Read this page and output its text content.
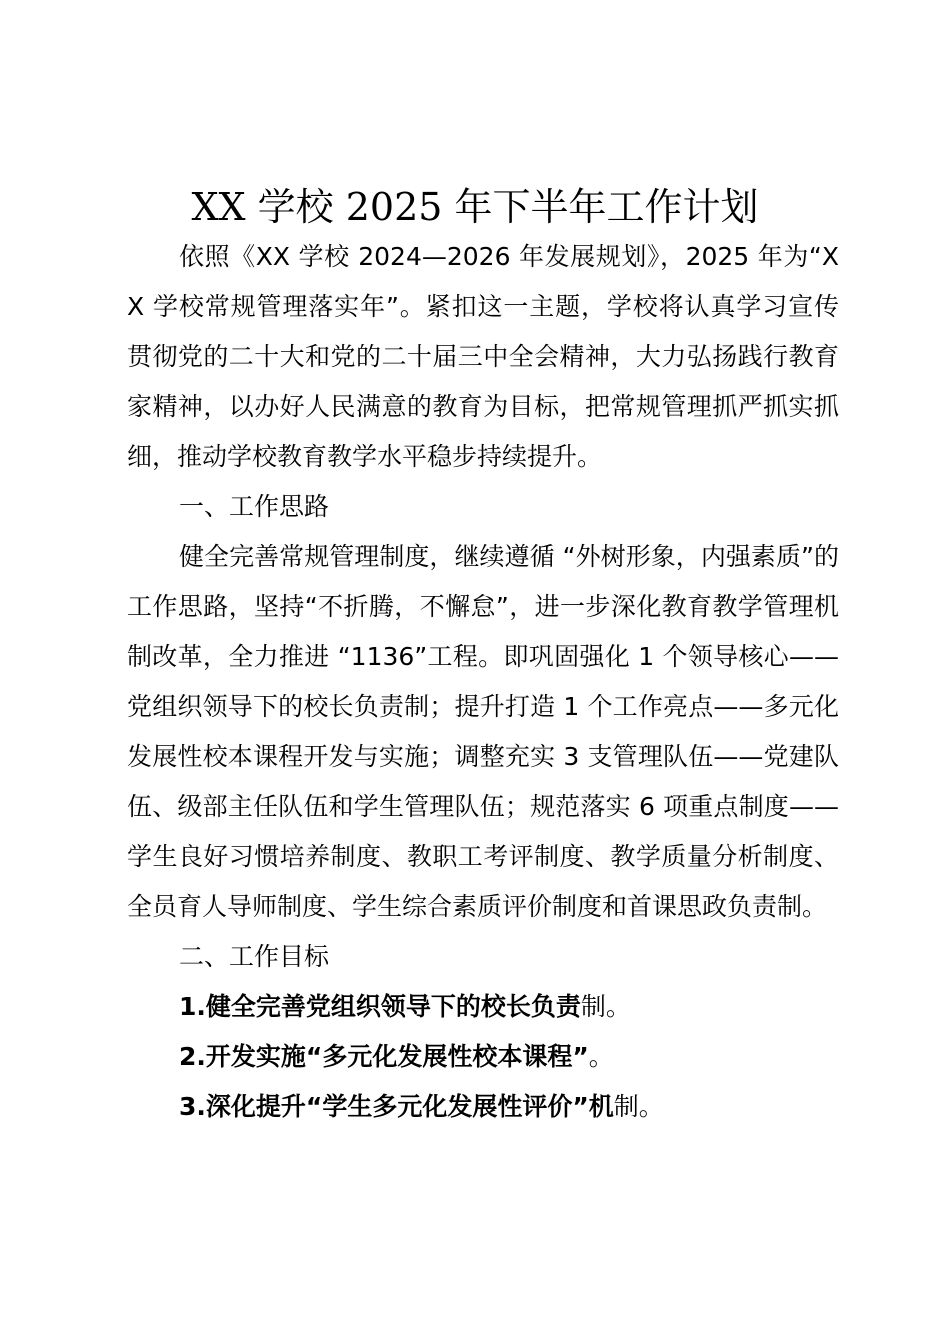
XX 学校 2025 年下半年工作计划

依照《XX 学校 2024—2026 年发展规划》，2025 年为“XX 学校常规管理落实年”。紧扣这一主题，学校将认真学习宣传贯彻党的二十大和党的二十届三中全会精神，大力弘扬践行教育家精神，以办好人民满意的教育为目标，把常规管理抓严抓实抓细，推动学校教育教学水平稳步持续提升。

一、工作思路

健全完善常规管理制度，继续遵循 “外树形象，内强素质”的工作思路，坚持“不折腾，不懈怠”，进一步深化教育教学管理机制改革，全力推进 “1136”工程。即巩固强化 1 个领导核心——党组织领导下的校长负责制；提升打造 1 个工作亮点——多元化发展性校本课程开发与实施；调整充实 3 支管理队伍——党建队伍、级部主任队伍和学生管理队伍；规范落实 6 项重点制度——学生良好习惯培养制度、教职工考评制度、教学质量分析制度、全员育人导师制度、学生综合素质评价制度和首课思政负责制。

二、工作目标

1.健全完善党组织领导下的校长负责制。

2.开发实施“多元化发展性校本课程”。

3.深化提升“学生多元化发展性评价”机制。
